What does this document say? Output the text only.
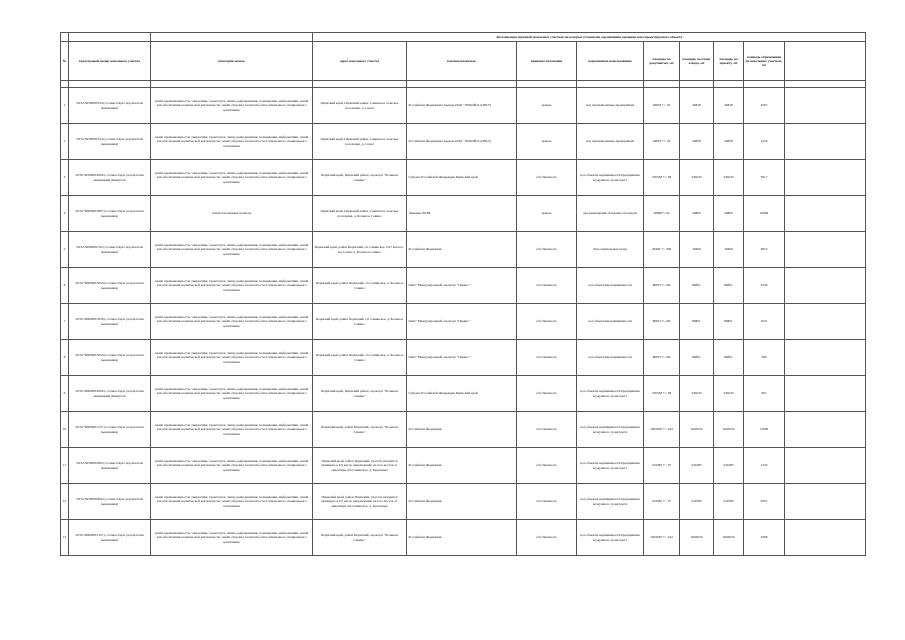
			Экспликация перечней земельных участков на которые установлен ограничения охранная зона проектируемого объекта								
№	кадастровый номер земельного участка	категория земель	адрес земельного участка	землепользователь	правовое положение	разрешенное использование	площадь по документам, м2	площадь по плану отвода, м2	площадь по проекту, м2	площадь обременения на земельных участках, м2	

1	59:32:3950008:554 (соответствует результатам межевания)	земли промышленности, энергетики, транспорта, связи, радиовещания, телевидения, информатики, земли для обеспечения космической деятельности, земли обороны, безопасности и земли иного специального назначения	Пермский край, Пермский район, Савинское сельское поселение, п. Сокол	Российская Федерация (Аренда ООО "ЛУКОЙЛ-АЭРО")	аренда	под промышленные предприятия	49818 +/- 50	49818	49818	4567	
2	59:32:3950008:554 (соответствует результатам межевания)	земли промышленности, энергетики, транспорта, связи, радиовещания, телевидения, информатики, земли для обеспечения космической деятельности, земли обороны, безопасности и земли иного специального назначения	Пермский край, Пермский район, Савинское сельское поселение, п. Сокол	Российская Федерация (Аренда ООО "ЛУКОЙЛ-АЭРО")	аренда	под промышленные предприятия	49818 +/- 50	49818	49818	1426	
3	59:32:3950008:2000 (соответствует результатам межевания) Движутая	земли промышленности, энергетики, транспорта, связи, радиовещания, телевидения, информатики, земли для обеспечения космической деятельности, земли обороны, безопасности и земли иного специального назначения	Пермский край, Пермский район, аэропорт "Большое Савино"	Субъект Российской Федерации Пермский край	собственность	под объекты недвижимости предприятия воздушного транспорта	330538 +/- 58	330543	330543	5817	
4	59:32:3990008:2867 (соответствует результатам межевания)	земли населенных пунктов	Пермский край, Пермский район, Савинское сельское поселение, д. Большое Савино	Дошенко Ю.Ю.	аренда	для размещения складских площадок	46800+/-50	46800	46800	16009	
5	59:32:3990008:792 (соответствует результатам межевания)	земли промышленности, энергетики, транспорта, связи, радиовещания, телевидения, информатики, земли для обеспечения космической деятельности, земли обороны, безопасности и земли иного специального назначения	Пермский край, район Пермский, с/п Савинское, 0,47 км юго-восточнее д. Большое Савино	Российская Федерация	собственность	Для специальных нужд	29460 +/- 300	29460	29460	4872	
6	59:32:3990008:3056 (соответствует результатам межевания)	земли промышленности, энергетики, транспорта, связи, радиовещания, телевидения, информатики, земли для обеспечения космической деятельности, земли обороны, безопасности и земли иного специального назначения	Пермский край, район Пермский, с/п Савинское, д. Большое Савино	ОАО "Международный аэропорт "Пермь""	собственность	под объектами недвижимости	80821+/-100	80821	80821	2344	
7	59:32:3990008:3056 (соответствует результатам межевания)	земли промышленности, энергетики, транспорта, связи, радиовещания, телевидения, информатики, земли для обеспечения космической деятельности, земли обороны, безопасности и земли иного специального назначения	Пермский край, район Пермский, с/п Савинское, д. Большое Савино	ОАО "Международный аэропорт "Пермь""	собственность	под объектами недвижимости	80821+/-100	80821	80821	1931	
8	59:32:3990008:3056 (соответствует результатам межевания)	земли промышленности, энергетики, транспорта, связи, радиовещания, телевидения, информатики, земли для обеспечения космической деятельности, земли обороны, безопасности и земли иного специального назначения	Пермский край, район Пермский, с/п Савинское, д. Большое Савино	ОАО "Международный аэропорт "Пермь""	собственность	под объектами недвижимости	80821+/-100	80821	80821	566	
9	59:32:3990008:2000 (соответствует результатам межевания) Движутая	земли промышленности, энергетики, транспорта, связи, радиовещания, телевидения, информатики, земли для обеспечения космической деятельности, земли обороны, безопасности и земли иного специального назначения	Пермский край, Пермский район, аэропорт "Большое Савино"	Субъект Российской Федерации Пермский край	собственность	под объекты недвижимости предприятия воздушного транспорта	330538 +/- 58	330543	330543	601	
10	59:32:3990008:1527 (соответствует результатам межевания)	земли промышленности, энергетики, транспорта, связи, радиовещания, телевидения, информатики, земли для обеспечения космической деятельности, земли обороны, безопасности и земли иного специального назначения	Пермский край, район Пермский, аэропорт "Большое Савино"	Российская Федерация	собственность	под объекты недвижимости предприятия воздушного транспорта	1603030 +/- 443	1603030	1603030	15000	
11	59:32:3950008:600 (соответствует результатам межевания)	земли промышленности, энергетики, транспорта, связи, радиовещания, телевидения, информатики, земли для обеспечения космической деятельности, земли обороны, безопасности и земли иного специального назначения	Пермский край, район Пермский, участок находится примерно в 6 0 км по направлению на юго-восток от ориентира п/и Савинское, д. Кропачево	Российская Федерация	собственность	под объекты недвижимости предприятия воздушного транспорта	234385 +/- 97	234385	234385	1350	
12	59:32:3950008:609 (соответствует результатам межевания)	земли промышленности, энергетики, транспорта, связи, радиовещания, телевидения, информатики, земли для обеспечения космической деятельности, земли обороны, безопасности и земли иного специального назначения	Пермский край, район Пермский, участок находится примерно в 6 0 км по направлению на юго-восток от ориентира п/и Савинское, д. Кропачево	Российская Федерация	собственность	под объекты недвижимости предприятия воздушного транспорта	234385 +/- 97	234385	234385	9567	
13	59:32:3990008:1527 (соответствует результатам межевания)	земли промышленности, энергетики, транспорта, связи, радиовещания, телевидения, информатики, земли для обеспечения космической деятельности, земли обороны, безопасности и земли иного специального назначения	Пермский край, район Пермский, аэропорт "Большое Савино"	Российская Федерация	собственность	под объекты недвижимости предприятия воздушного транспорта	1603030 +/- 443	1603030	1603030	4586	
